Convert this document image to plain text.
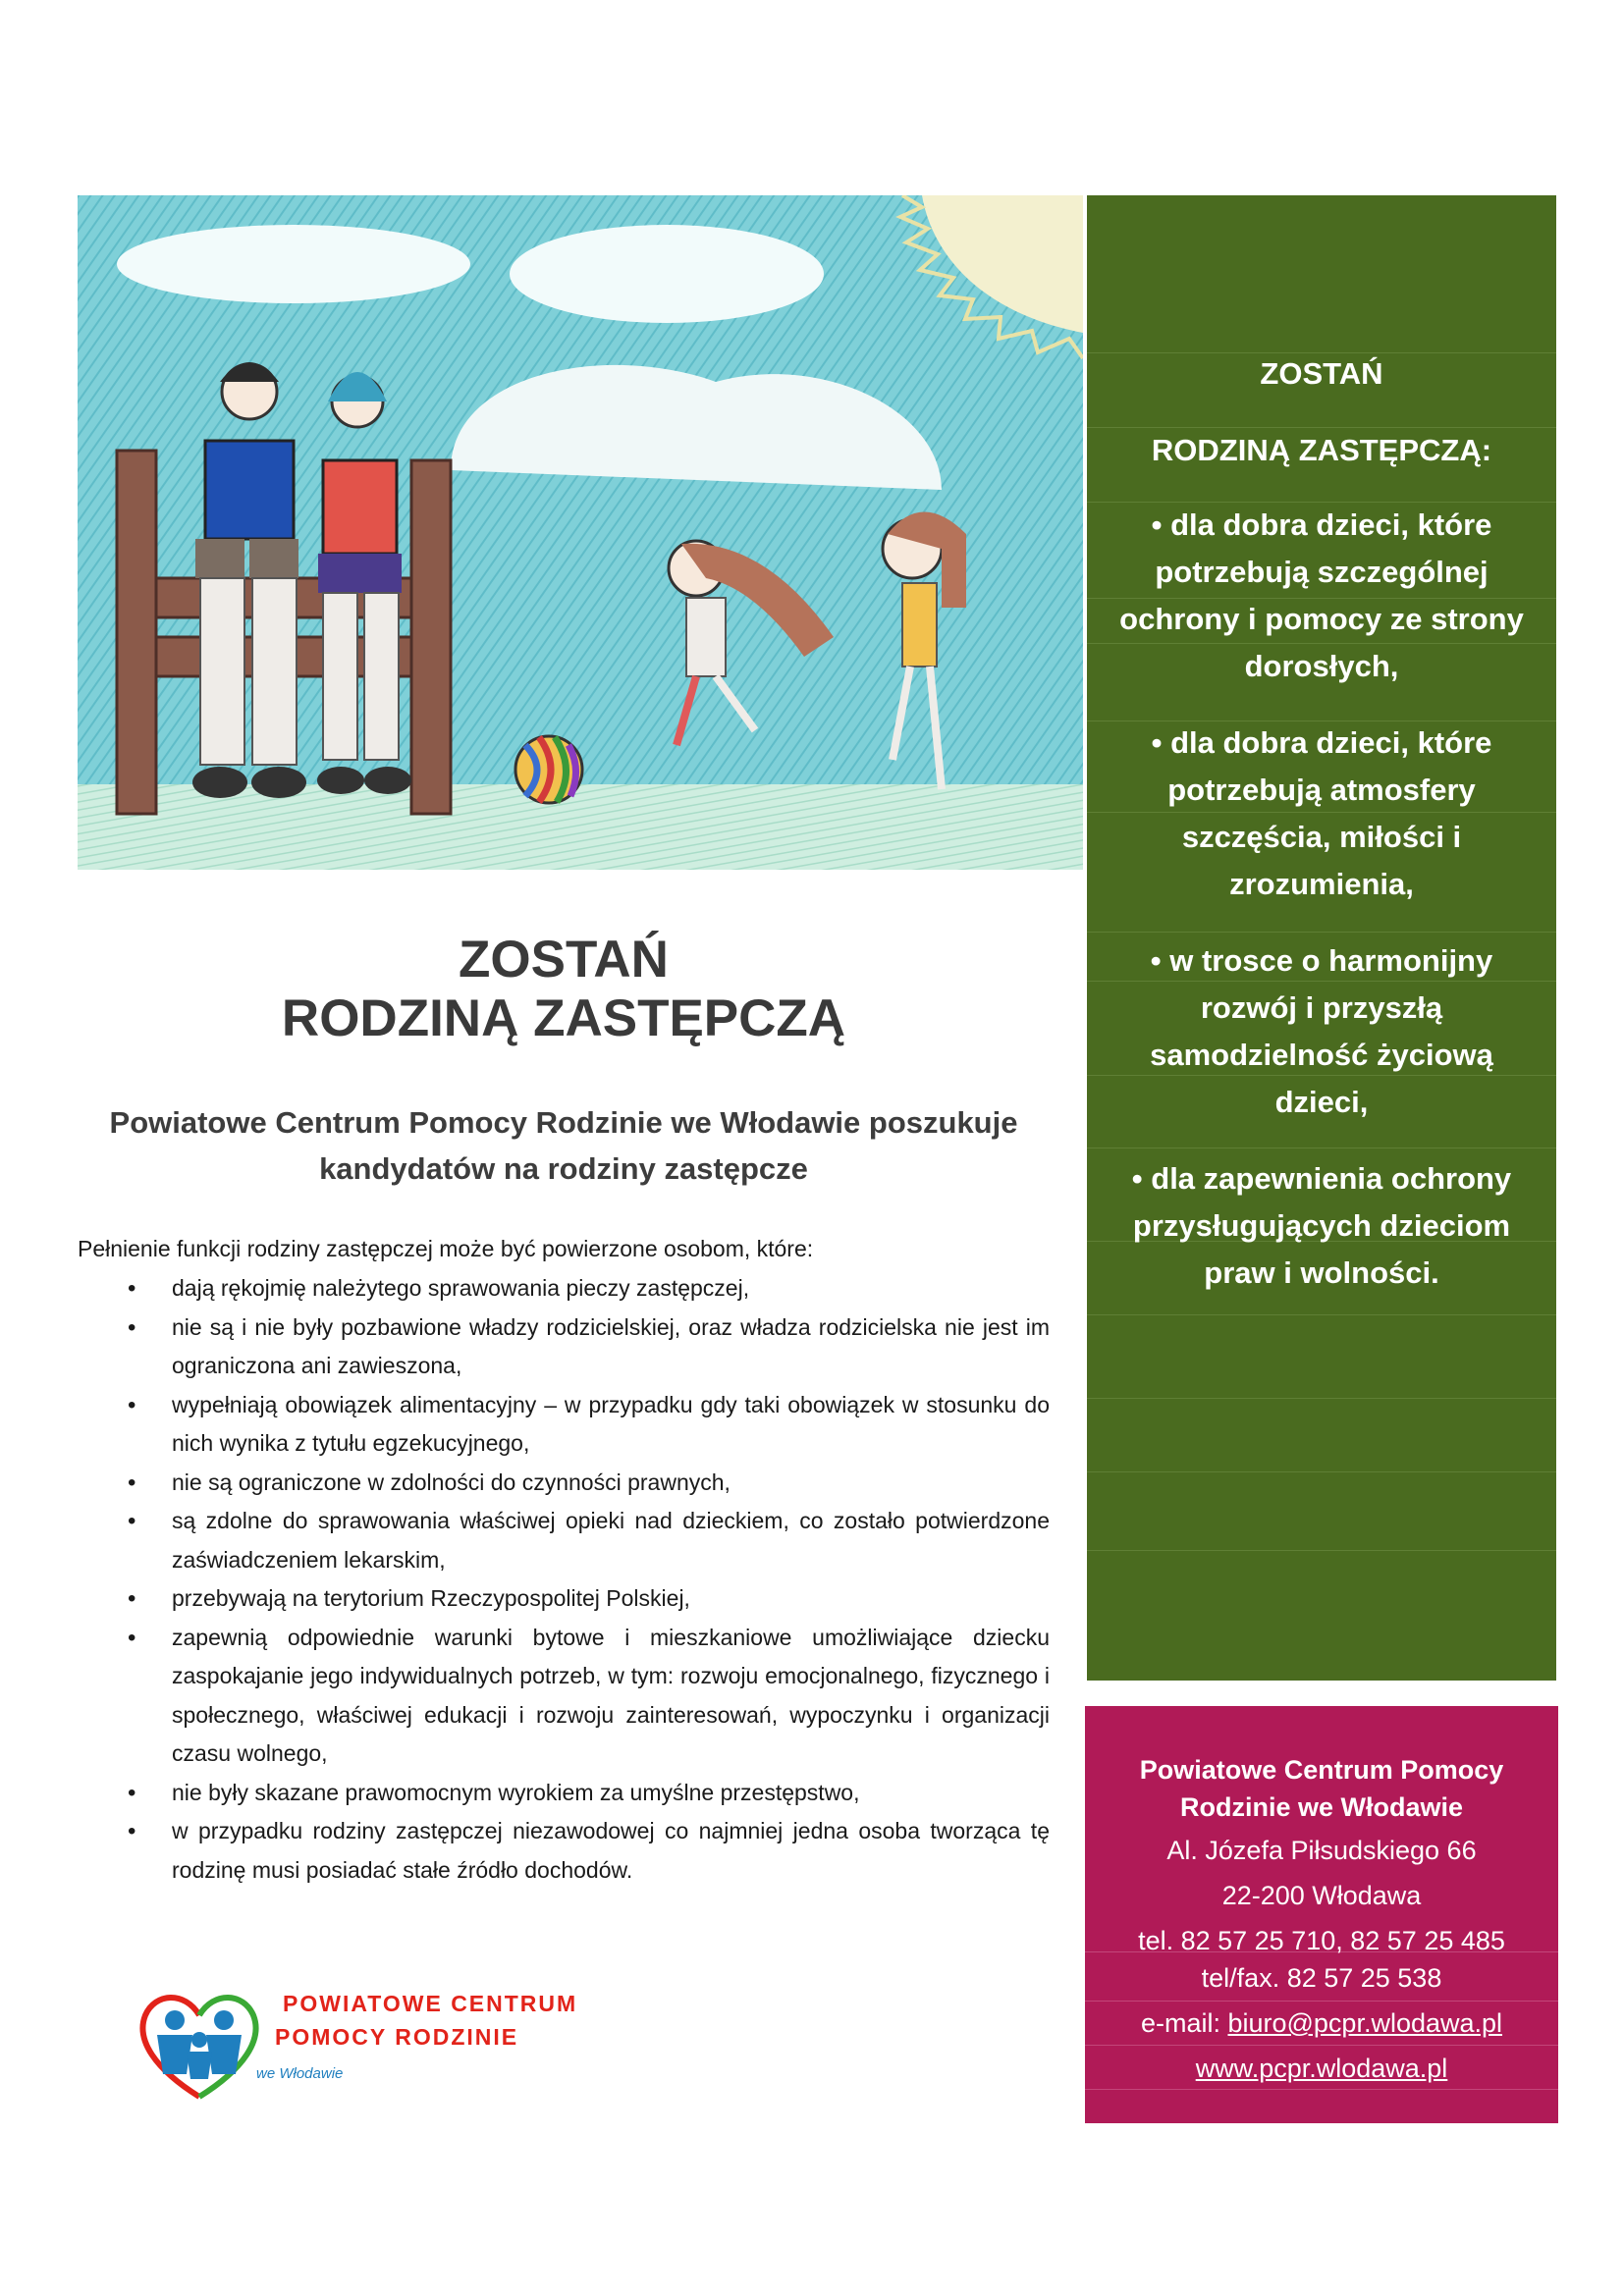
ZOSTAŃ
RODZINĄ ZASTĘPCZĄ
Powiatowe Centrum Pomocy Rodzinie we Włodawie poszukuje kandydatów na rodziny zastępcze
Pełnienie funkcji rodziny zastępczej może być powierzone osobom, które:
• dają rękojmię należytego sprawowania pieczy zastępczej,
• nie są i nie były pozbawione władzy rodzicielskiej, oraz władza rodzicielska nie jest im ograniczona ani zawieszona,
• wypełniają obowiązek alimentacyjny – w przypadku gdy taki obowiązek w stosunku do nich wynika z tytułu egzekucyjnego,
• nie są ograniczone w zdolności do czynności prawnych,
• są zdolne do sprawowania właściwej opieki nad dzieckiem, co zostało potwierdzone zaświadczeniem lekarskim,
• przebywają na terytorium Rzeczypospolitej Polskiej,
• zapewnią odpowiednie warunki bytowe i mieszkaniowe umożliwiające dziecku zaspokajanie jego indywidualnych potrzeb, w tym: rozwoju emocjonalnego, fizycznego i społecznego, właściwej edukacji i rozwoju zainteresowań, wypoczynku i organizacji czasu wolnego,
• nie były skazane prawomocnym wyrokiem za umyślne przestępstwo,
• w przypadku rodziny zastępczej niezawodowej co najmniej jedna osoba tworząca tę rodzinę musi posiadać stałe źródło dochodów.
POWIATOWE CENTRUM
POMOCY RODZINIE
we Włodawie
ZOSTAŃ
RODZINĄ ZASTĘPCZĄ:
• dla dobra dzieci, które potrzebują szczególnej ochrony i pomocy ze strony dorosłych,
• dla dobra dzieci, które potrzebują atmosfery szczęścia, miłości i zrozumienia,
• w trosce o harmonijny rozwój i przyszłą samodzielność życiową dzieci,
• dla zapewnienia ochrony przysługujących dzieciom praw i wolności.
Powiatowe Centrum Pomocy
Rodzinie we Włodawie
Al. Józefa Piłsudskiego 66
22-200 Włodawa
tel. 82 57 25 710, 82 57 25 485
tel/fax. 82 57 25 538
e-mail: biuro@pcpr.wlodawa.pl
www.pcpr.wlodawa.pl
